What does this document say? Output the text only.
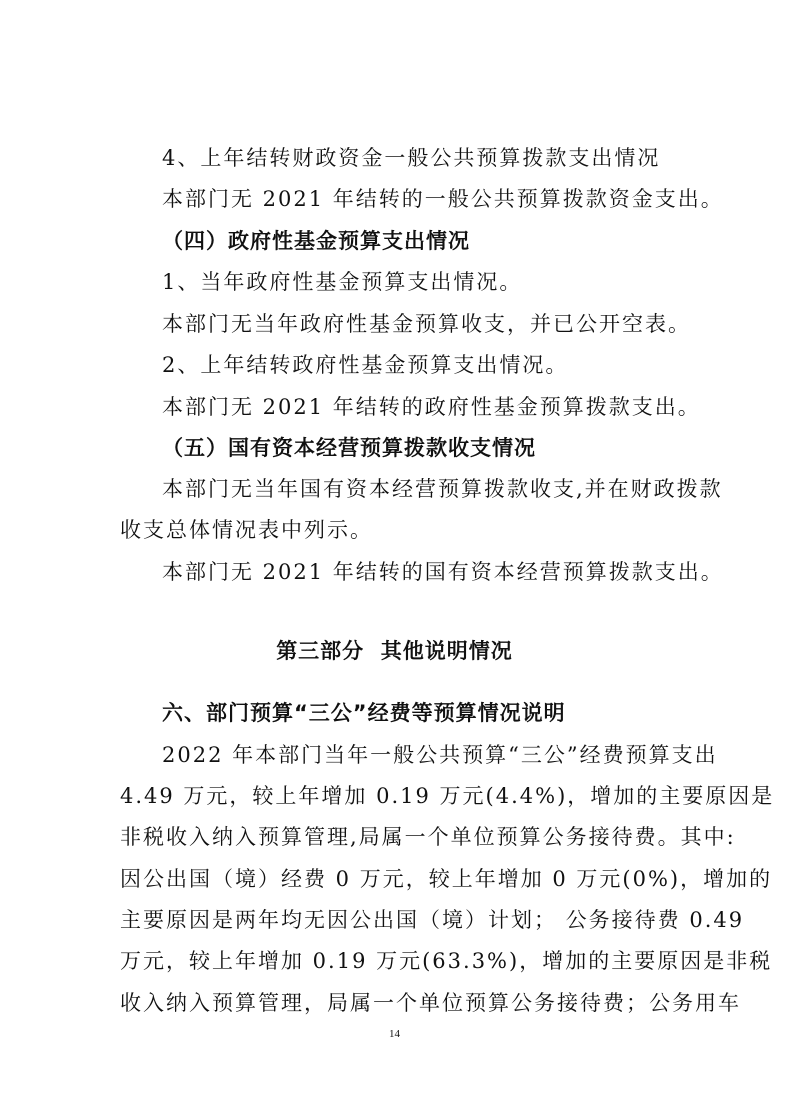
4、上年结转财政资金一般公共预算拨款支出情况
本部门无 2021 年结转的一般公共预算拨款资金支出。
（四）政府性基金预算支出情况
1、当年政府性基金预算支出情况。
本部门无当年政府性基金预算收支，并已公开空表。
2、上年结转政府性基金预算支出情况。
本部门无 2021 年结转的政府性基金预算拨款支出。
（五）国有资本经营预算拨款收支情况
本部门无当年国有资本经营预算拨款收支,并在财政拨款
收支总体情况表中列示。
本部门无 2021 年结转的国有资本经营预算拨款支出。
第三部分  其他说明情况
六、部门预算“三公”经费等预算情况说明
2022 年本部门当年一般公共预算“三公”经费预算支出
4.49 万元，较上年增加 0.19 万元(4.4%)，增加的主要原因是
非税收入纳入预算管理,局属一个单位预算公务接待费。其中:
因公出国（境）经费 0 万元，较上年增加 0 万元(0%)，增加的
主要原因是两年均无因公出国（境）计划； 公务接待费 0.49
万元，较上年增加 0.19 万元(63.3%)，增加的主要原因是非税
收入纳入预算管理，局属一个单位预算公务接待费；公务用车
14
